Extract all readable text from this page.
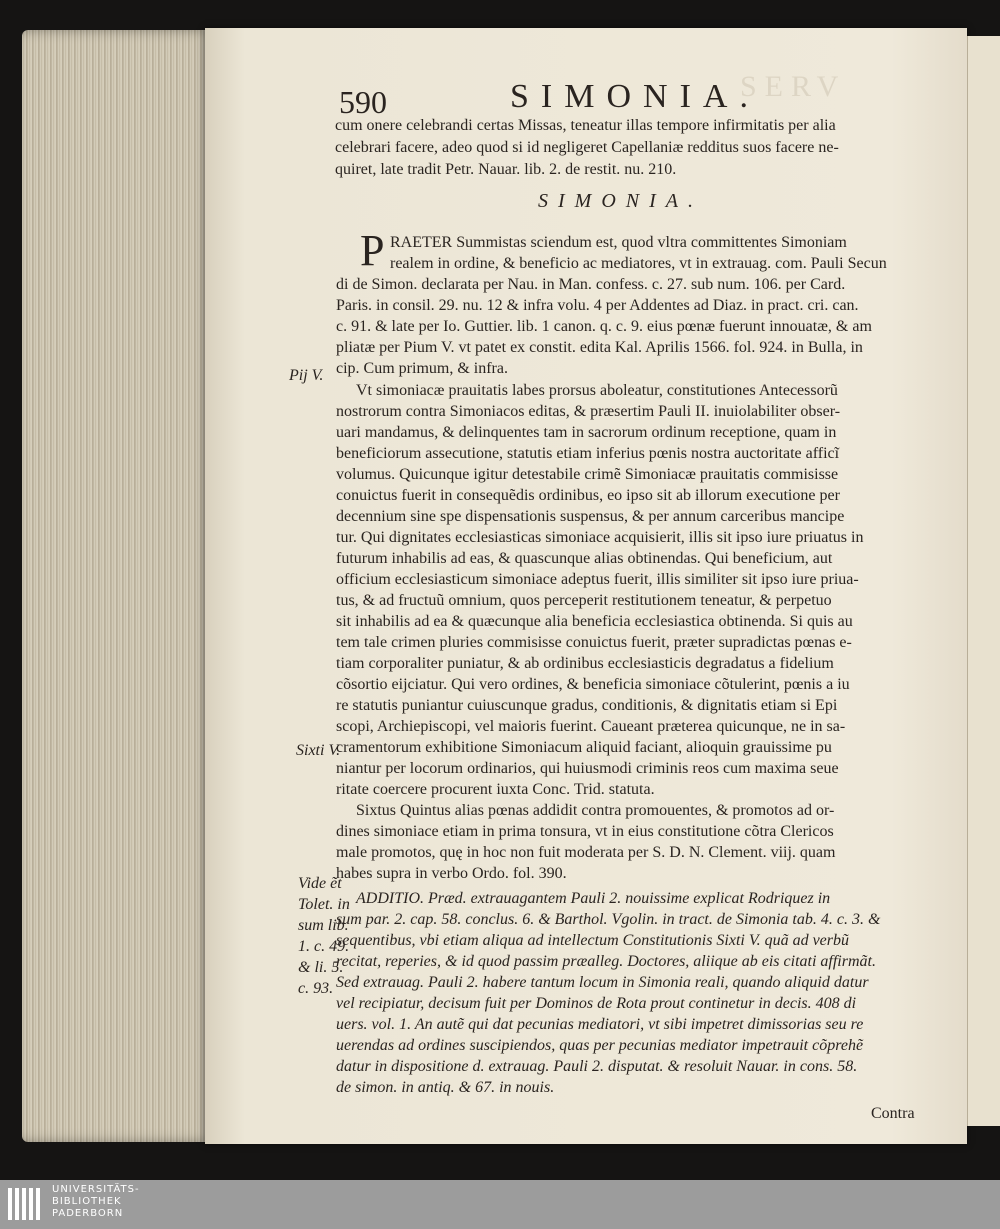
SERV
590	SIMONIA.
cum onere celebrandi certas Missas, teneatur illas tempore infirmitatis per alia
celebrari facere, adeo quod si id negligeret Capellaniæ redditus suos facere ne-
quiret, late tradit Petr. Nauar. lib. 2. de restit. nu. 210.
SIMONIA.
P RAETER Summistas sciendum est, quod vltra committentes Simoniam
realem in ordine, & beneficio ac mediatores, vt in extrauag. com. Pauli Secun
di de Simon. declarata per Nau. in Man. confess. c. 27. sub num. 106. per Card.
Paris. in consil. 29. nu. 12 & infra volu. 4 per Addentes ad Diaz. in pract. cri. can.
c. 91. & late per Io. Guttier. lib. 1 canon. q. c. 9. eius pœnæ fuerunt innouatæ, & am
pliatæ per Pium V. vt patet ex constit. edita Kal. Aprilis 1566. fol. 924. in Bulla, in
cip. Cum primum, & infra.
Pij V.
Vt simoniacæ prauitatis labes prorsus aboleatur, constitutiones Antecessorũ
nostrorum contra Simoniacos editas, & præsertim Pauli II. inuiolabiliter obser-
uari mandamus, & delinquentes tam in sacrorum ordinum receptione, quam in
beneficiorum assecutione, statutis etiam inferius pœnis nostra auctoritate afficĩ
volumus. Quicunque igitur detestabile crimẽ Simoniacæ prauitatis commisisse
conuictus fuerit in consequẽdis ordinibus, eo ipso sit ab illorum executione per
decennium sine spe dispensationis suspensus, & per annum carceribus mancipe
tur. Qui dignitates ecclesiasticas simoniace acquisierit, illis sit ipso iure priuatus in
futurum inhabilis ad eas, & quascunque alias obtinendas. Qui beneficium, aut
officium ecclesiasticum simoniace adeptus fuerit, illis similiter sit ipso iure priua-
tus, & ad fructuũ omnium, quos perceperit restitutionem teneatur, & perpetuo
sit inhabilis ad ea & quæcunque alia beneficia ecclesiastica obtinenda. Si quis au
tem tale crimen pluries commisisse conuictus fuerit, præter supradictas pœnas e-
tiam corporaliter puniatur, & ab ordinibus ecclesiasticis degradatus a fidelium
cõsortio eijciatur. Qui vero ordines, & beneficia simoniace cõtulerint, pœnis a iu
re statutis puniantur cuiuscunque gradus, conditionis, & dignitatis etiam si Epi
scopi, Archiepiscopi, vel maioris fuerint. Caueant præterea quicunque, ne in sa-
cramentorum exhibitione Simoniacum aliquid faciant, alioquin grauissime pu
niantur per locorum ordinarios, qui huiusmodi criminis reos cum maxima seue
ritate coercere procurent iuxta Conc. Trid. statuta.
Sixti V.
Sixtus Quintus alias pœnas addidit contra promouentes, & promotos ad or-
dines simoniace etiam in prima tonsura, vt in eius constitutione cõtra Clericos
male promotos, quę in hoc non fuit moderata per S. D. N. Clement. viij. quam
habes supra in verbo Ordo. fol. 390.
ADDITIO. Præd. extrauagantem Pauli 2. nouissime explicat Rodriquez in
sum par. 2. cap. 58. conclus. 6. & Barthol. Vgolin. in tract. de Simonia tab. 4. c. 3. &
sequentibus, vbi etiam aliqua ad intellectum Constitutionis Sixti V. quã ad verbũ
recitat, reperies, & id quod passim præalleg. Doctores, aliique ab eis citati affirmãt.
Sed extrauag. Pauli 2. habere tantum locum in Simonia reali, quando aliquid datur
vel recipiatur, decisum fuit per Dominos de Rota prout continetur in decis. 408 di
uers. vol. 1. An autẽ qui dat pecunias mediatori, vt sibi impetret dimissorias seu re
uerendas ad ordines suscipiendos, quas per pecunias mediator impetrauit cõprehẽ
datur in dispositione d. extrauag. Pauli 2. disputat. & resoluit Nauar. in cons. 58.
de simon. in antiq. & 67. in nouis.
Vide ẽt
Tolet. in
sum lib.
1. c. 49.
& li. 5.
c. 93.
Contra
UNIVERSITÄTS-
BIBLIOTHEK
PADERBORN
